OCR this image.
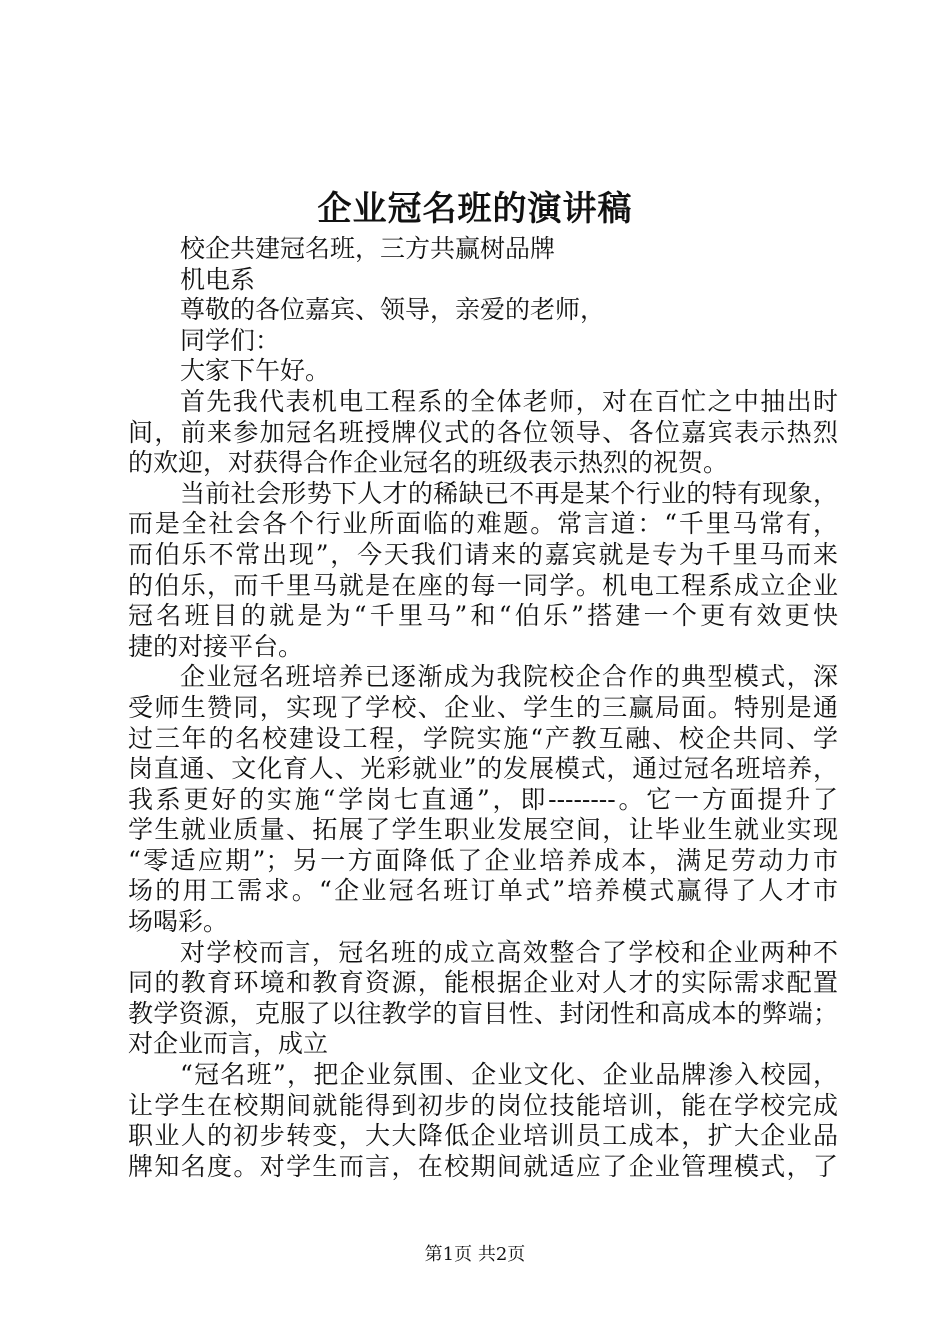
企业冠名班的演讲稿
校企共建冠名班，三方共赢树品牌
机电系
尊敬的各位嘉宾、领导，亲爱的老师，
同学们：
大家下午好。
首先我代表机电工程系的全体老师，对在百忙之中抽出时
间，前来参加冠名班授牌仪式的各位领导、各位嘉宾表示热烈
的欢迎，对获得合作企业冠名的班级表示热烈的祝贺。
当前社会形势下人才的稀缺已不再是某个行业的特有现象，
而是全社会各个行业所面临的难题。常言道：“千里马常有，
而伯乐不常出现”，今天我们请来的嘉宾就是专为千里马而来
的伯乐，而千里马就是在座的每一同学。机电工程系成立企业
冠名班目的就是为“千里马”和“伯乐”搭建一个更有效更快
捷的对接平台。
企业冠名班培养已逐渐成为我院校企合作的典型模式，深
受师生赞同，实现了学校、企业、学生的三赢局面。特别是通
过三年的名校建设工程，学院实施“产教互融、校企共同、学
岗直通、文化育人、光彩就业”的发展模式，通过冠名班培养，
我系更好的实施“学岗七直通”，即--------。它一方面提升了
学生就业质量、拓展了学生职业发展空间，让毕业生就业实现
“零适应期”；另一方面降低了企业培养成本，满足劳动力市
场的用工需求。“企业冠名班订单式”培养模式赢得了人才市
场喝彩。
对学校而言，冠名班的成立高效整合了学校和企业两种不
同的教育环境和教育资源，能根据企业对人才的实际需求配置
教学资源，克服了以往教学的盲目性、封闭性和高成本的弊端；
对企业而言，成立
“冠名班”，把企业氛围、企业文化、企业品牌渗入校园，
让学生在校期间就能得到初步的岗位技能培训，能在学校完成
职业人的初步转变，大大降低企业培训员工成本，扩大企业品
牌知名度。对学生而言，在校期间就适应了企业管理模式，了
第1页 共2页
